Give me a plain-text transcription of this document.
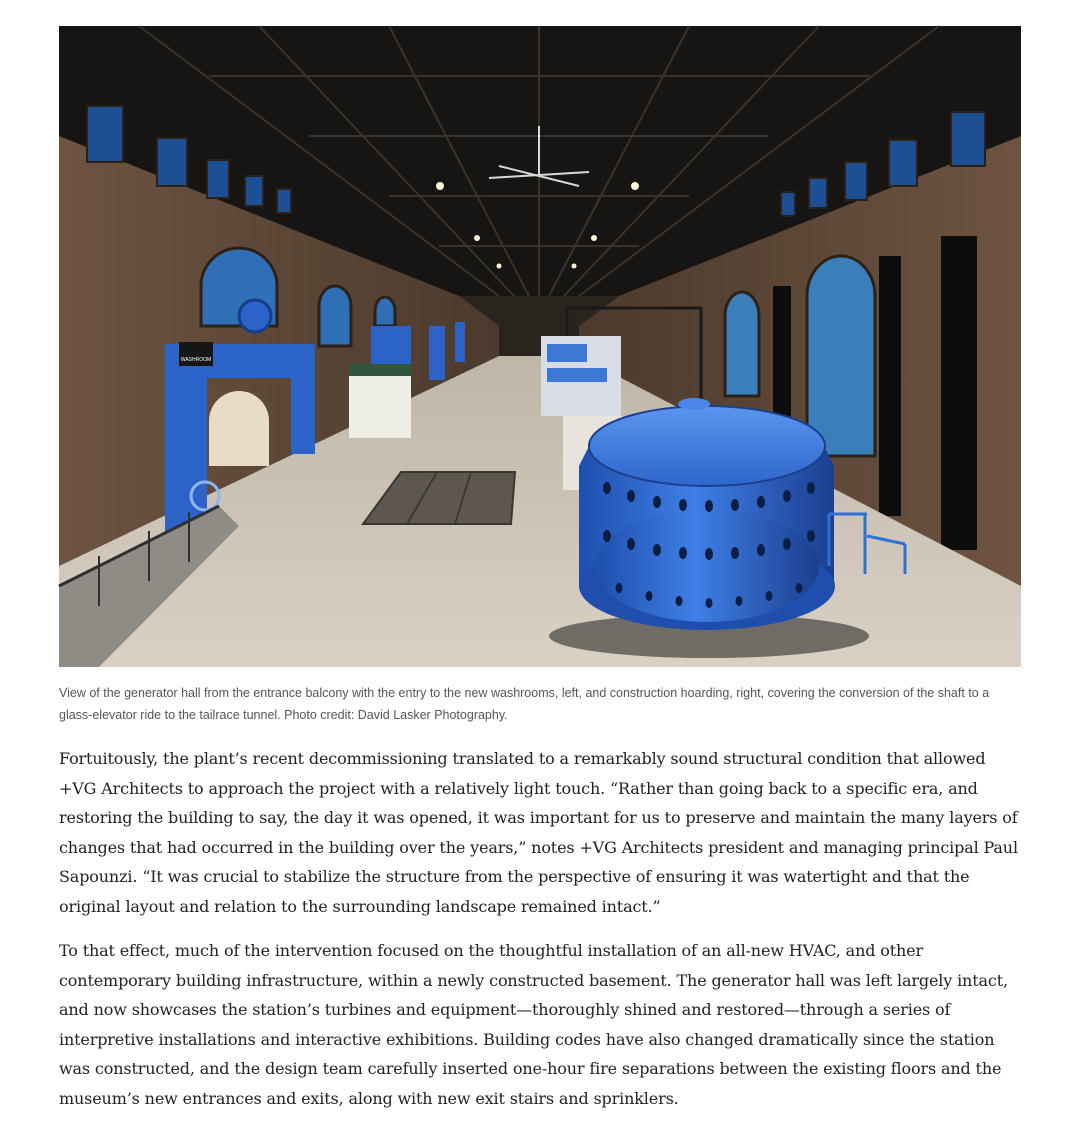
WASHROOM
View of the generator hall from the entrance balcony with the entry to the new washrooms, left, and construction hoarding, right, covering the conversion of the shaft to a glass-elevator ride to the tailrace tunnel. Photo credit: David Lasker Photography.

Fortuitously, the plant’s recent decommissioning translated to a remarkably sound structural condition that allowed +VG Architects to approach the project with a relatively light touch. “Rather than going back to a specific era, and restoring the building to say, the day it was opened, it was important for us to preserve and maintain the many layers of changes that had occurred in the building over the years,” notes +VG Architects president and managing principal Paul Sapounzi. “It was crucial to stabilize the structure from the perspective of ensuring it was watertight and that the original layout and relation to the surrounding landscape remained intact.”

To that effect, much of the intervention focused on the thoughtful installation of an all-new HVAC, and other contemporary building infrastructure, within a newly constructed basement. The generator hall was left largely intact, and now showcases the station’s turbines and equipment—thoroughly shined and restored—through a series of interpretive installations and interactive exhibitions. Building codes have also changed dramatically since the station was constructed, and the design team carefully inserted one-hour fire separations between the existing floors and the museum’s new entrances and exits, along with new exit stairs and sprinklers.
